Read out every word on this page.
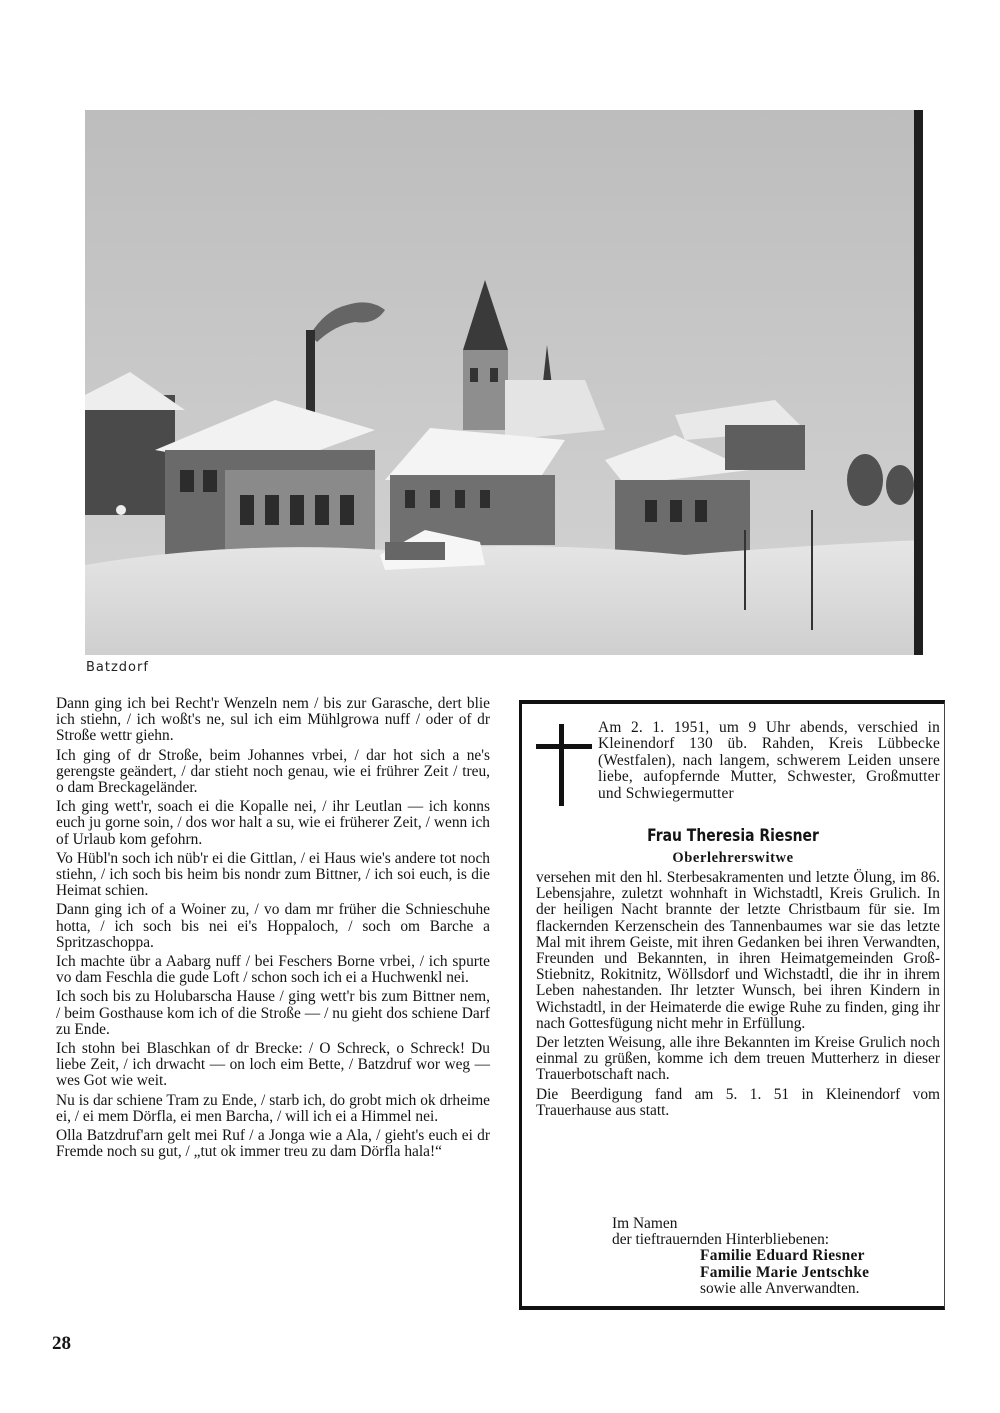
Batzdorf

Dann ging ich bei Recht'r Wenzeln nem / bis zur Garasche, dert blie ich stiehn, / ich woßt's ne, sul ich eim Mühlgrowa nuff / oder of dr Stroße wettr giehn.

Ich ging of dr Stroße, beim Johannes vrbei, / dar hot sich a ne's gerengste geändert, / dar stieht noch genau, wie ei frührer Zeit / treu, o dam Breckageländer.

Ich ging wett'r, soach ei die Kopalle nei, / ihr Leutlan — ich konns euch ju gorne soin, / dos wor halt a su, wie ei früherer Zeit, / wenn ich of Urlaub kom gefohrn.

Vo Hübl'n soch ich nüb'r ei die Gittlan, / ei Haus wie's andere tot noch stiehn, / ich soch bis heim bis nondr zum Bittner, / ich soi euch, is die Heimat schien.

Dann ging ich of a Woiner zu, / vo dam mr früher die Schnieschuhe hotta, / ich soch bis nei ei's Hoppaloch, / soch om Barche a Spritzaschoppa.

Ich machte übr a Aabarg nuff / bei Feschers Borne vrbei, / ich spurte vo dam Feschla die gude Loft / schon soch ich ei a Huchwenkl nei.

Ich soch bis zu Holubarscha Hause / ging wett'r bis zum Bittner nem, / beim Gosthause kom ich of die Stroße — / nu gieht dos schiene Darf zu Ende.

Ich stohn bei Blaschkan of dr Brecke: / O Schreck, o Schreck! Du liebe Zeit, / ich drwacht — on loch eim Bette, / Batzdruf wor weg — wes Got wie weit.

Nu is dar schiene Tram zu Ende, / starb ich, do grobt mich ok drheime ei, / ei mem Dörfla, ei men Barcha, / will ich ei a Himmel nei.

Olla Batzdruf'arn gelt mei Ruf / a Jonga wie a Ala, / gieht's euch ei dr Fremde noch su gut, / „tut ok immer treu zu dam Dörfla hala!“

28
Am 2. 1. 1951, um 9 Uhr abends, verschied in Kleinendorf 130 üb. Rahden, Kreis Lübbecke (Westfalen), nach langem, schwerem Leiden unsere liebe, aufopfernde Mutter, Schwester, Großmutter und Schwiegermutter
Frau Theresia Riesner
Oberlehrerswitwe

versehen mit den hl. Sterbesakramenten und letzte Ölung, im 86. Lebensjahre, zuletzt wohnhaft in Wichstadtl, Kreis Grulich. In der heiligen Nacht brannte der letzte Christbaum für sie. Im flackernden Kerzenschein des Tannenbaumes war sie das letzte Mal mit ihrem Geiste, mit ihren Gedanken bei ihren Verwandten, Freunden und Bekannten, in ihren Heimatgemeinden Groß-Stiebnitz, Rokitnitz, Wöllsdorf und Wichstadtl, die ihr in ihrem Leben nahestanden. Ihr letzter Wunsch, bei ihren Kindern in Wichstadtl, in der Heimaterde die ewige Ruhe zu finden, ging ihr nach Gottesfügung nicht mehr in Erfüllung.

Der letzten Weisung, alle ihre Bekannten im Kreise Grulich noch einmal zu grüßen, komme ich dem treuen Mutterherz in dieser Trauerbotschaft nach.

Die Beerdigung fand am 5. 1. 51 in Kleinendorf vom Trauerhause aus statt.

Im Namen
der tieftrauernden Hinterbliebenen:
Familie Eduard Riesner
Familie Marie Jentschke
sowie alle Anverwandten.
